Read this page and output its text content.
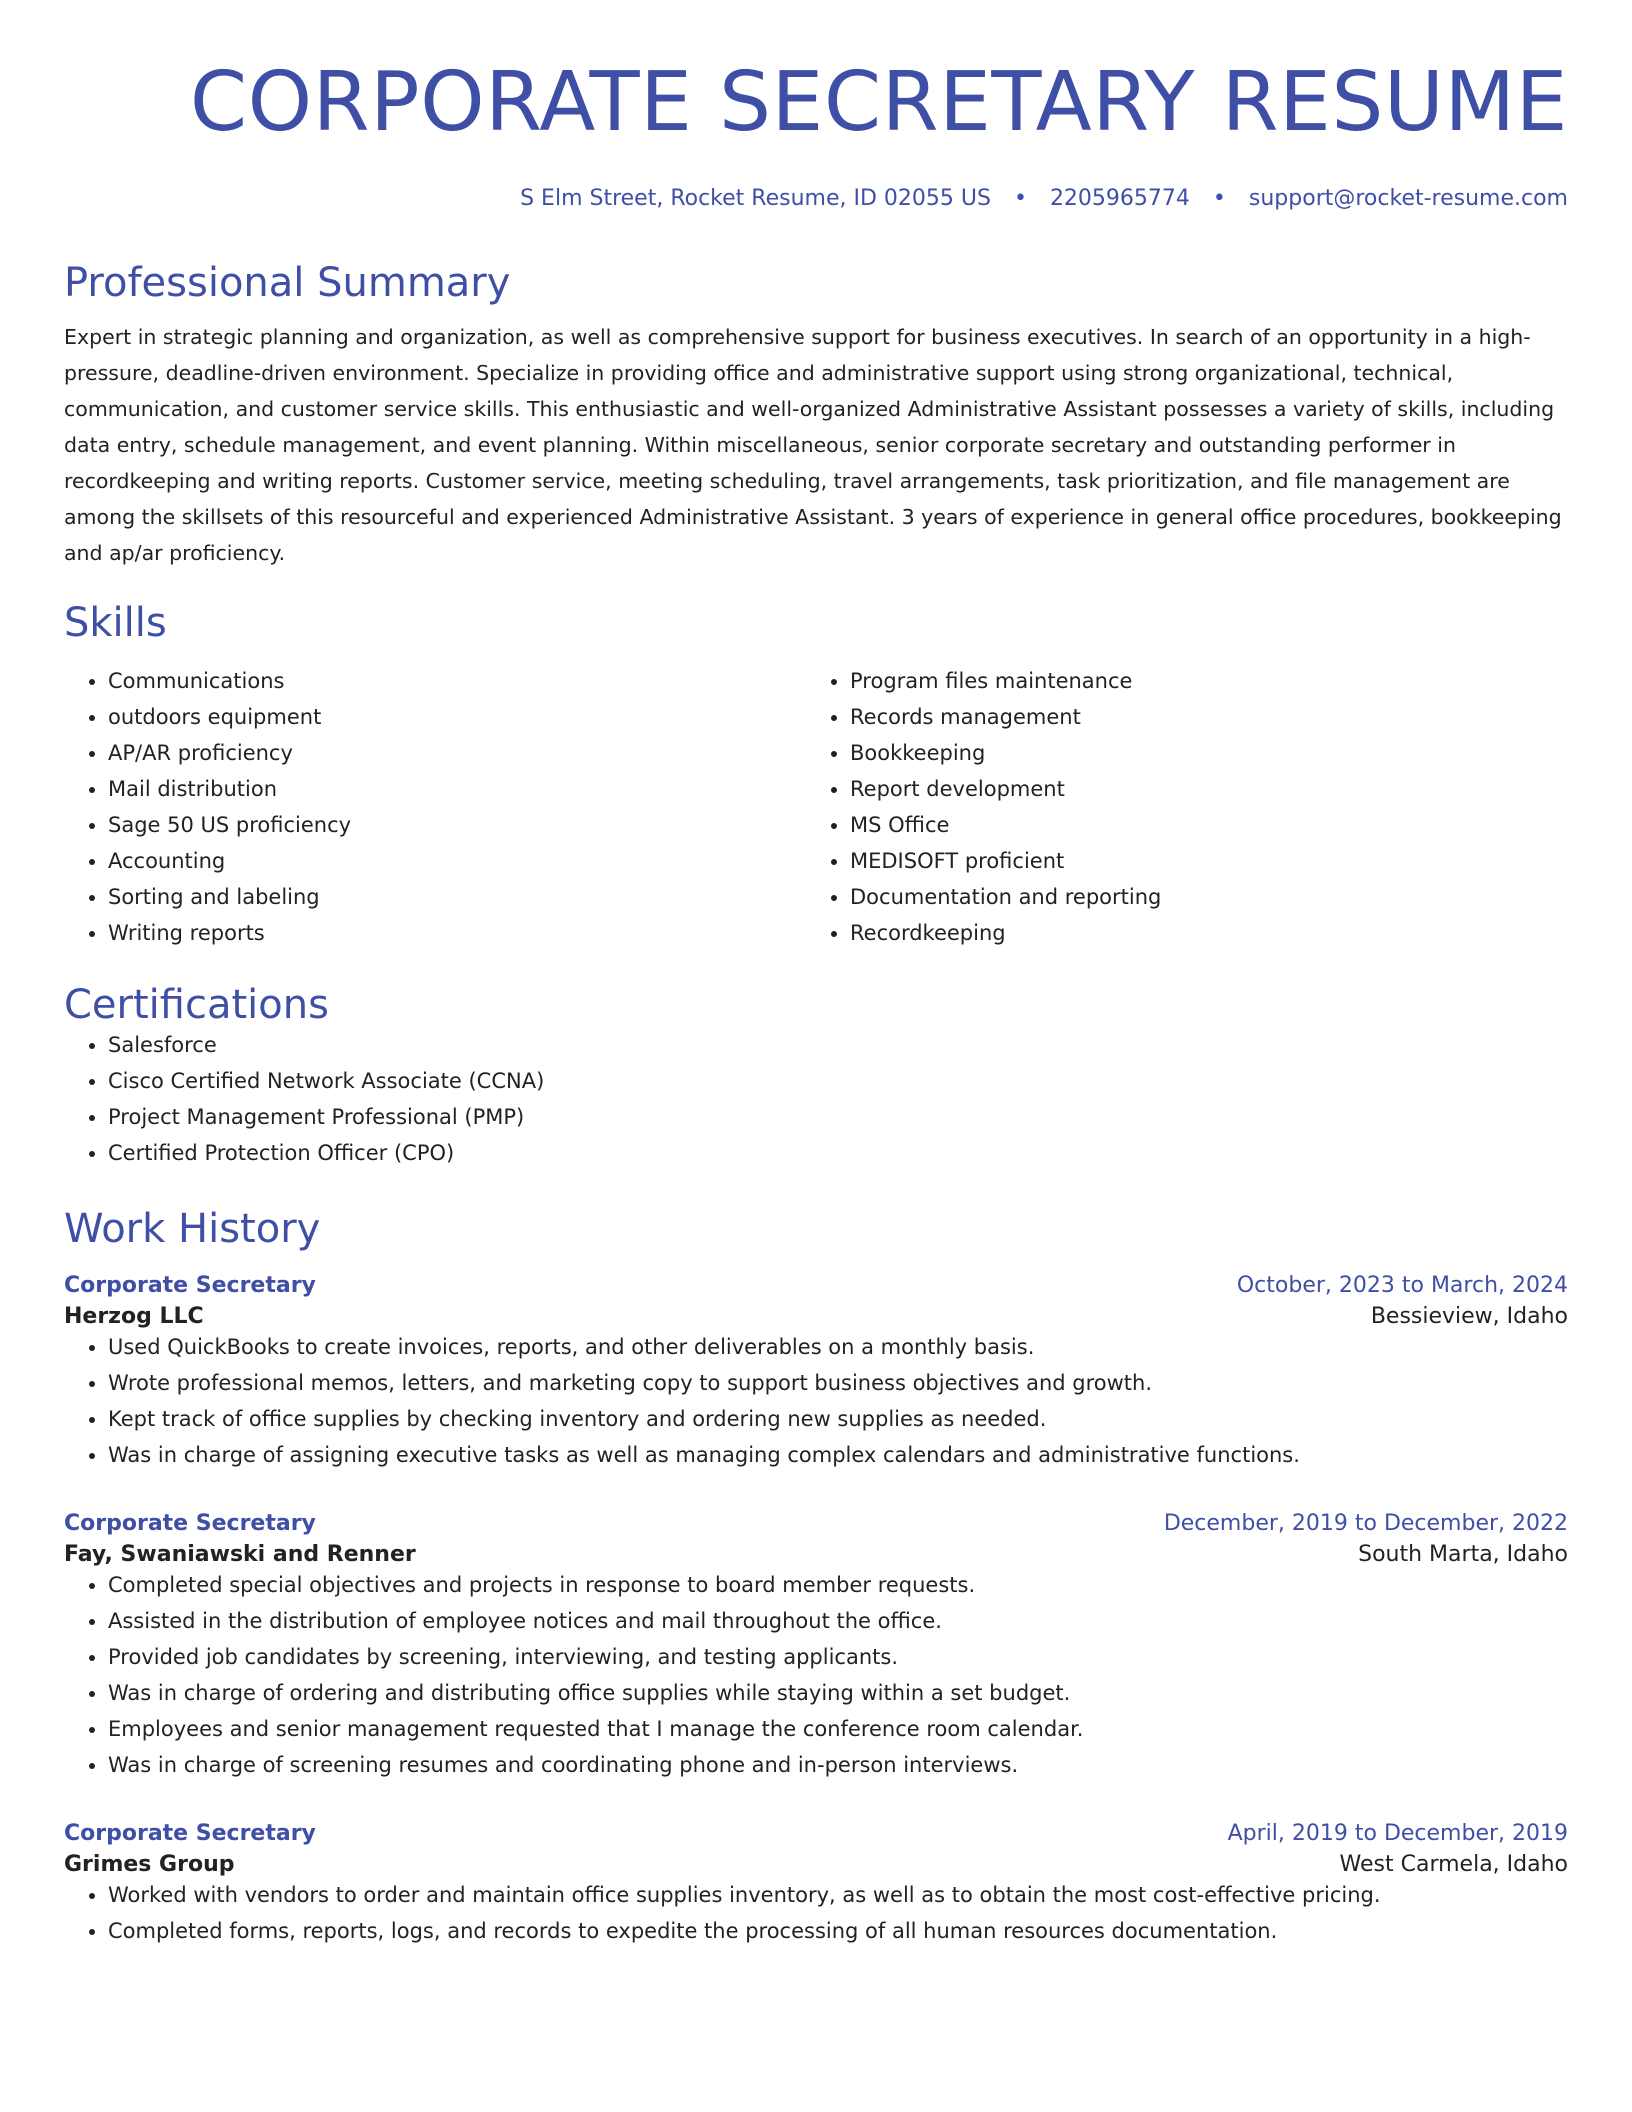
CORPORATE SECRETARY RESUME
S Elm Street, Rocket Resume, ID 02055 US • 2205965774 • support@rocket-resume.com
Professional Summary

Expert in strategic planning and organization, as well as comprehensive support for business executives. In search of an opportunity in a high-pressure, deadline-driven environment. Specialize in providing office and administrative support using strong organizational, technical, communication, and customer service skills. This enthusiastic and well-organized Administrative Assistant possesses a variety of skills, including data entry, schedule management, and event planning. Within miscellaneous, senior corporate secretary and outstanding performer in recordkeeping and writing reports. Customer service, meeting scheduling, travel arrangements, task prioritization, and file management are among the skillsets of this resourceful and experienced Administrative Assistant. 3 years of experience in general office procedures, bookkeeping and ap/ar proficiency.

Skills
• Communications
• outdoors equipment
• AP/AR proficiency
• Mail distribution
• Sage 50 US proficiency
• Accounting
• Sorting and labeling
• Writing reports
• Program files maintenance
• Records management
• Bookkeeping
• Report development
• MS Office
• MEDISOFT proficient
• Documentation and reporting
• Recordkeeping
Certifications
• Salesforce
• Cisco Certified Network Associate (CCNA)
• Project Management Professional (PMP)
• Certified Protection Officer (CPO)
Work History
Corporate Secretary	October, 2023 to March, 2024
Herzog LLC	Bessieview, Idaho
• Used QuickBooks to create invoices, reports, and other deliverables on a monthly basis.
• Wrote professional memos, letters, and marketing copy to support business objectives and growth.
• Kept track of office supplies by checking inventory and ordering new supplies as needed.
• Was in charge of assigning executive tasks as well as managing complex calendars and administrative functions.
Corporate Secretary	December, 2019 to December, 2022
Fay, Swaniawski and Renner	South Marta, Idaho
• Completed special objectives and projects in response to board member requests.
• Assisted in the distribution of employee notices and mail throughout the office.
• Provided job candidates by screening, interviewing, and testing applicants.
• Was in charge of ordering and distributing office supplies while staying within a set budget.
• Employees and senior management requested that I manage the conference room calendar.
• Was in charge of screening resumes and coordinating phone and in-person interviews.
Corporate Secretary	April, 2019 to December, 2019
Grimes Group	West Carmela, Idaho
• Worked with vendors to order and maintain office supplies inventory, as well as to obtain the most cost-effective pricing.
• Completed forms, reports, logs, and records to expedite the processing of all human resources documentation.
